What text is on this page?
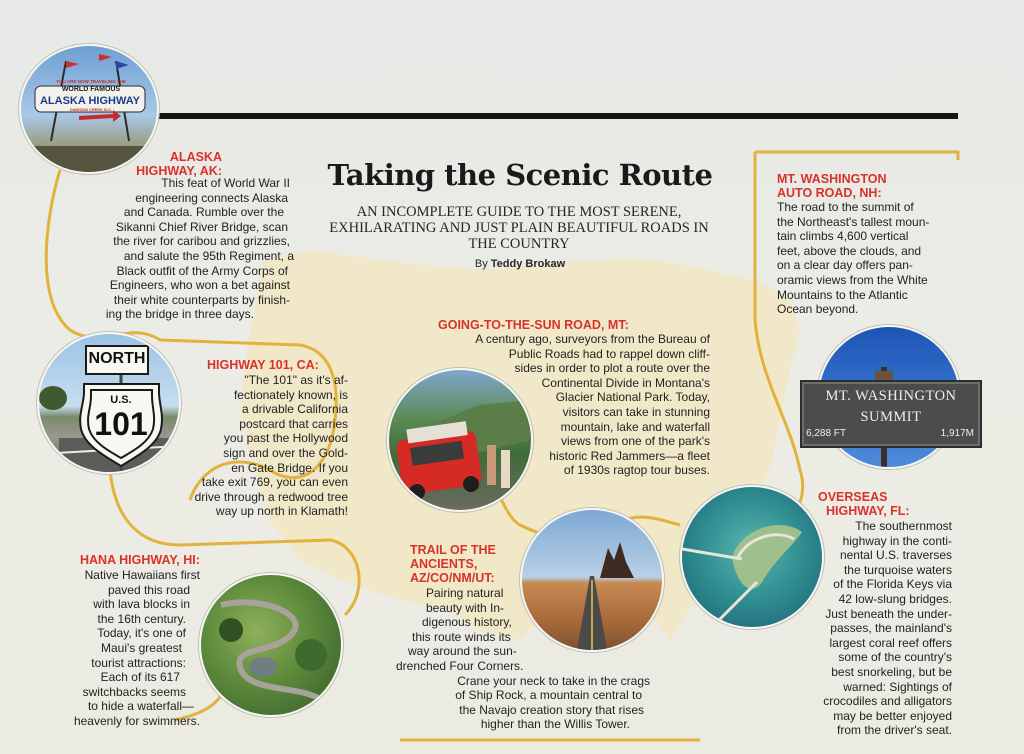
YOU ARE NOW TRAVELING THE
WORLD FAMOUS
ALASKA HIGHWAY
DAWSON CREEK B.C.
NORTH
U.S.
101
MT. WASHINGTON
SUMMIT
6,288 FT	1,917M
Taking the Scenic Route
AN INCOMPLETE GUIDE TO THE MOST SERENE, EXHILARATING AND JUST PLAIN BEAUTIFUL ROADS IN THE COUNTRY
By Teddy Brokaw
ALASKA
HIGHWAY, AK:
This feat of World War II
engineering connects Alaska
and Canada. Rumble over the
Sikanni Chief River Bridge, scan
the river for caribou and grizzlies,
and salute the 95th Regiment, a
Black outfit of the Army Corps of
Engineers, who won a bet against
their white counterparts by finish-
ing the bridge in three days.
HIGHWAY 101, CA:
"The 101" as it's af-
fectionately known, is
a drivable California
postcard that carries
you past the Hollywood
sign and over the Gold-
en Gate Bridge. If you
take exit 769, you can even
drive through a redwood tree
way up north in Klamath!
GOING-TO-THE-SUN ROAD, MT:
A century ago, surveyors from the Bureau of
Public Roads had to rappel down cliff-
sides in order to plot a route over the
Continental Divide in Montana's
Glacier National Park. Today,
visitors can take in stunning
mountain, lake and waterfall
views from one of the park's
historic Red Jammers—a fleet
of 1930s ragtop tour buses.
MT. WASHINGTON
AUTO ROAD, NH:
The road to the summit of
the Northeast's tallest moun-
tain climbs 4,600 vertical
feet, above the clouds, and
on a clear day offers pan-
oramic views from the White
Mountains to the Atlantic
Ocean beyond.
HANA HIGHWAY, HI:
Native Hawaiians first
paved this road
with lava blocks in
the 16th century.
Today, it's one of
Maui's greatest
tourist attractions:
Each of its 617
switchbacks seems
to hide a waterfall—
heavenly for swimmers.
TRAIL OF THE
ANCIENTS,
AZ/CO/NM/UT:
Pairing natural
beauty with In-
digenous history,
this route winds its
way around the sun-
drenched Four Corners.
Crane your neck to take in the crags
of Ship Rock, a mountain central to
the Navajo creation story that rises
higher than the Willis Tower.
OVERSEAS
HIGHWAY, FL:
The southernmost
highway in the conti-
nental U.S. traverses
the turquoise waters
of the Florida Keys via
42 low-slung bridges.
Just beneath the under-
passes, the mainland's
largest coral reef offers
some of the country's
best snorkeling, but be
warned: Sightings of
crocodiles and alligators
may be better enjoyed
from the driver's seat.
